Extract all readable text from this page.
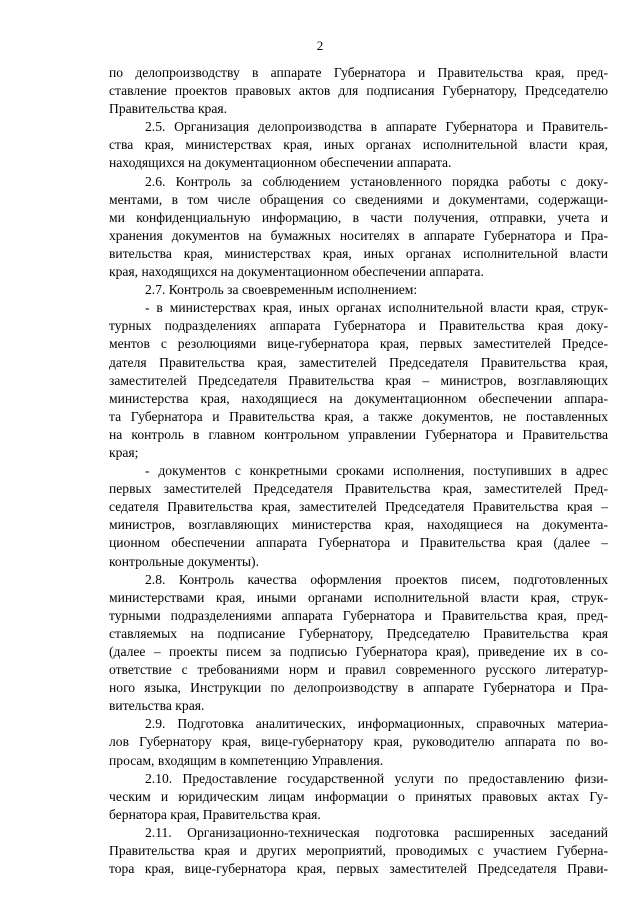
2
по делопроизводству в аппарате Губернатора и Правительства края, пред-
ставление проектов правовых актов для подписания Губернатору, Председателю
Правительства края.
2.5. Организация делопроизводства в аппарате Губернатора и Правитель-
ства края, министерствах края, иных органах исполнительной власти края,
находящихся на документационном обеспечении аппарата.
2.6. Контроль за соблюдением установленного порядка работы с доку-
ментами, в том числе обращения со сведениями и документами, содержащи-
ми конфиденциальную информацию, в части получения, отправки, учета и
хранения документов на бумажных носителях в аппарате Губернатора и Пра-
вительства края, министерствах края, иных органах исполнительной власти
края, находящихся на документационном обеспечении аппарата.
2.7. Контроль за своевременным исполнением:
- в министерствах края, иных органах исполнительной власти края, струк-
турных подразделениях аппарата Губернатора и Правительства края доку-
ментов с резолюциями вице-губернатора края, первых заместителей Предсе-
дателя Правительства края, заместителей Председателя Правительства края,
заместителей Председателя Правительства края – министров, возглавляющих
министерства края, находящиеся на документационном обеспечении аппара-
та Губернатора и Правительства края, а также документов, не поставленных
на контроль в главном контрольном управлении Губернатора и Правительства
края;
- документов с конкретными сроками исполнения, поступивших в адрес
первых заместителей Председателя Правительства края, заместителей Пред-
седателя Правительства края, заместителей Председателя Правительства края –
министров, возглавляющих министерства края, находящиеся на документа-
ционном обеспечении аппарата Губернатора и Правительства края (далее –
контрольные документы).
2.8. Контроль качества оформления проектов писем, подготовленных
министерствами края, иными органами исполнительной власти края, струк-
турными подразделениями аппарата Губернатора и Правительства края, пред-
ставляемых на подписание Губернатору, Председателю Правительства края
(далее – проекты писем за подписью Губернатора края), приведение их в со-
ответствие с требованиями норм и правил современного русского литератур-
ного языка, Инструкции по делопроизводству в аппарате Губернатора и Пра-
вительства края.
2.9. Подготовка аналитических, информационных, справочных материа-
лов Губернатору края, вице-губернатору края, руководителю аппарата по во-
просам, входящим в компетенцию Управления.
2.10. Предоставление государственной услуги по предоставлению физи-
ческим и юридическим лицам информации о принятых правовых актах Гу-
бернатора края, Правительства края.
2.11. Организационно-техническая подготовка расширенных заседаний
Правительства края и других мероприятий, проводимых с участием Губерна-
тора края, вице-губернатора края, первых заместителей Председателя Прави-
